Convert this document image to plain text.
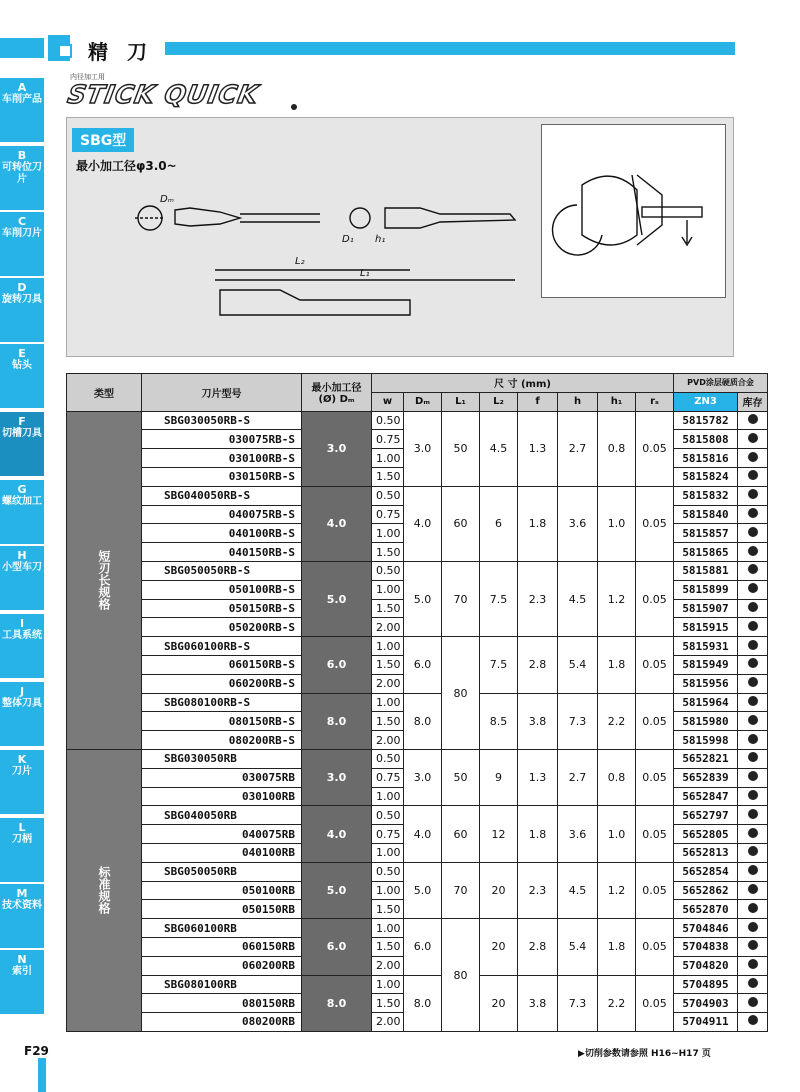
精 刀
内径加工用
STICK QUICK
A
车削产品
B
可转位刀片
C
车削刀片
D
旋转刀具
E
钻头
F
切槽刀具
G
螺纹加工
H
小型车刀
I
工具系统
J
整体刀具
K
刀片
L
刀柄
M
技术资料
N
索引
SBG型
最小加工径φ3.0~
Dₘ
L₂
L₁
D₁ h₁
类型	刀片型号	最小加工径(Ø) Dₘ	尺 寸 (mm)								PVD涂层硬质合金	
			w	Dₘ	L₁	L₂	f	h	h₁	rₛ	ZN3	库存
短刃长规格	SBG030050RB-S	3.0	0.50	3.0	50	4.5	1.3	2.7	0.8	0.05	5815782	
	030075RB-S		0.75								5815808	
	030100RB-S		1.00								5815816	
	030150RB-S		1.50								5815824	
	SBG040050RB-S	4.0	0.50	4.0	60	6	1.8	3.6	1.0	0.05	5815832	
	040075RB-S		0.75								5815840	
	040100RB-S		1.00								5815857	
	040150RB-S		1.50								5815865	
	SBG050050RB-S	5.0	0.50	5.0	70	7.5	2.3	4.5	1.2	0.05	5815881	
	050100RB-S		1.00								5815899	
	050150RB-S		1.50								5815907	
	050200RB-S		2.00								5815915	
	SBG060100RB-S	6.0	1.00	6.0	80	7.5	2.8	5.4	1.8	0.05	5815931	
	060150RB-S		1.50								5815949	
	060200RB-S		2.00								5815956	
	SBG080100RB-S	8.0	1.00	8.0		8.5	3.8	7.3	2.2	0.05	5815964	
	080150RB-S		1.50								5815980	
	080200RB-S		2.00								5815998	
标准规格	SBG030050RB	3.0	0.50	3.0	50	9	1.3	2.7	0.8	0.05	5652821	
	030075RB		0.75								5652839	
	030100RB		1.00								5652847	
	SBG040050RB	4.0	0.50	4.0	60	12	1.8	3.6	1.0	0.05	5652797	
	040075RB		0.75								5652805	
	040100RB		1.00								5652813	
	SBG050050RB	5.0	0.50	5.0	70	20	2.3	4.5	1.2	0.05	5652854	
	050100RB		1.00								5652862	
	050150RB		1.50								5652870	
	SBG060100RB	6.0	1.00	6.0	80	20	2.8	5.4	1.8	0.05	5704846	
	060150RB		1.50								5704838	
	060200RB		2.00								5704820	
	SBG080100RB	8.0	1.00	8.0		20	3.8	7.3	2.2	0.05	5704895	
	080150RB		1.50								5704903	
	080200RB		2.00								5704911	
F29	▶切削参数请参照 H16~H17 页
